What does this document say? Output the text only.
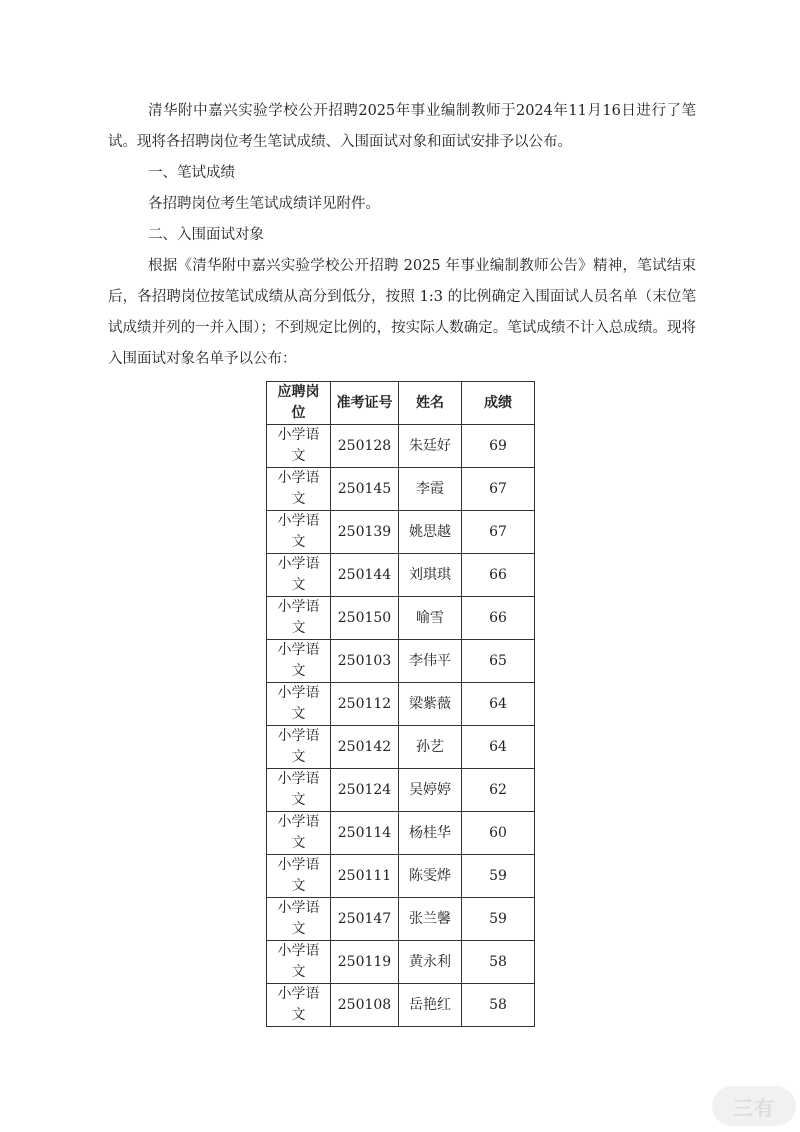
清华附中嘉兴实验学校公开招聘2025年事业编制教师于2024年11月16日进行了笔试。现将各招聘岗位考生笔试成绩、入围面试对象和面试安排予以公布。

一、笔试成绩

各招聘岗位考生笔试成绩详见附件。

二、入围面试对象

根据《清华附中嘉兴实验学校公开招聘 2025 年事业编制教师公告》精神，笔试结束后，各招聘岗位按笔试成绩从高分到低分，按照 1:3 的比例确定入围面试人员名单（末位笔试成绩并列的一并入围）；不到规定比例的，按实际人数确定。笔试成绩不计入总成绩。现将入围面试对象名单予以公布：

应聘岗位	准考证号	姓名	成绩
小学语文	250128	朱廷好	69
小学语文	250145	李霞	67
小学语文	250139	姚思越	67
小学语文	250144	刘琪琪	66
小学语文	250150	喻雪	66
小学语文	250103	李伟平	65
小学语文	250112	梁紫薇	64
小学语文	250142	孙艺	64
小学语文	250124	吴婷婷	62
小学语文	250114	杨桂华	60
小学语文	250111	陈雯烨	59
小学语文	250147	张兰馨	59
小学语文	250119	黄永利	58
小学语文	250108	岳艳红	58
三有
